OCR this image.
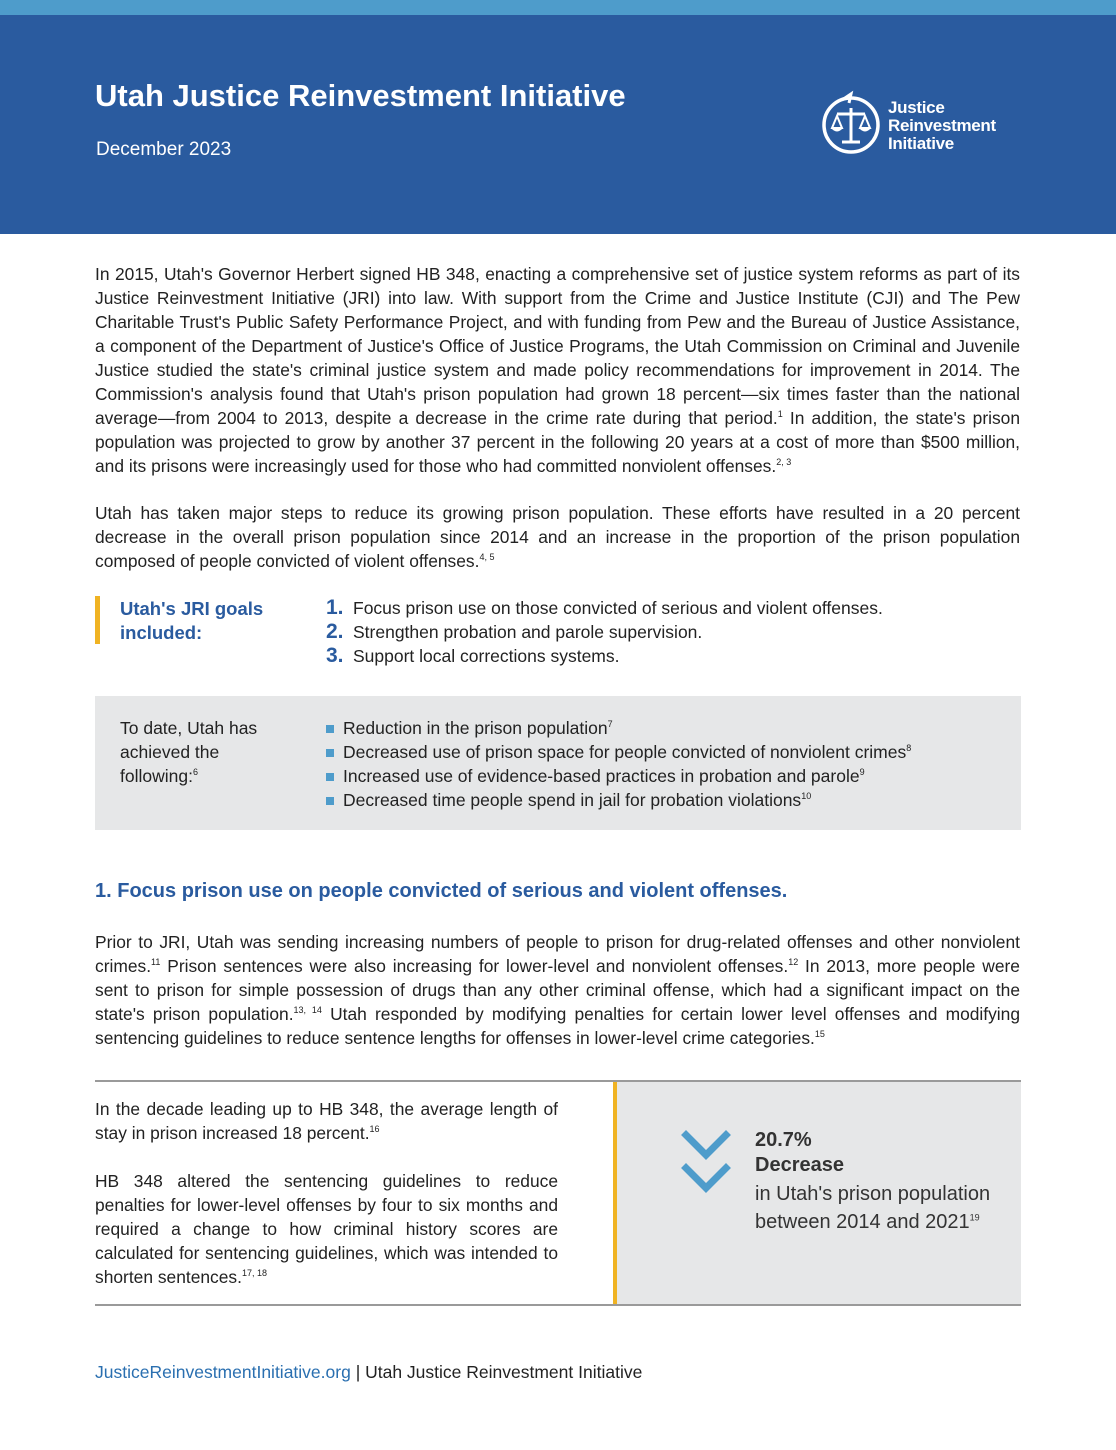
Utah Justice Reinvestment Initiative
December 2023
Justice
Reinvestment
Initiative

In 2015, Utah's Governor Herbert signed HB 348, enacting a comprehensive set of justice system reforms as part of its Justice Reinvestment Initiative (JRI) into law. With support from the Crime and Justice Institute (CJI) and The Pew Charitable Trust's Public Safety Performance Project, and with funding from Pew and the Bureau of Justice Assistance, a component of the Department of Justice's Office of Justice Programs, the Utah Commission on Criminal and Juvenile Justice studied the state's criminal justice system and made policy recommendations for improvement in 2014. The Commission's analysis found that Utah's prison population had grown 18 percent—six times faster than the national average—from 2004 to 2013, despite a decrease in the crime rate during that period.$^1$ In addition, the state's prison population was projected to grow by another 37 percent in the following 20 years at a cost of more than $500 million, and its prisons were increasingly used for those who had committed nonviolent offenses.$^{2, 3}$

Utah has taken major steps to reduce its growing prison population. These efforts have resulted in a 20 percent decrease in the overall prison population since 2014 and an increase in the proportion of the prison population composed of people convicted of violent offenses.$^{4, 5}$

Utah's JRI goals included:
1. Focus prison use on those convicted of serious and violent offenses.
2. Strengthen probation and parole supervision.
3. Support local corrections systems.
To date, Utah has achieved the following:$^6$
Reduction in the prison population$^7$
Decreased use of prison space for people convicted of nonviolent crimes$^8$
Increased use of evidence-based practices in probation and parole$^9$
Decreased time people spend in jail for probation violations$^{10}$
1. Focus prison use on people convicted of serious and violent offenses.

Prior to JRI, Utah was sending increasing numbers of people to prison for drug-related offenses and other nonviolent crimes.$^{11}$ Prison sentences were also increasing for lower-level and nonviolent offenses.$^{12}$ In 2013, more people were sent to prison for simple possession of drugs than any other criminal offense, which had a significant impact on the state's prison population.$^{13, 14}$ Utah responded by modifying penalties for certain lower level offenses and modifying sentencing guidelines to reduce sentence lengths for offenses in lower-level crime categories.$^{15}$

In the decade leading up to HB 348, the average length of stay in prison increased 18 percent.$^{16}$

HB 348 altered the sentencing guidelines to reduce penalties for lower-level offenses by four to six months and required a change to how criminal history scores are calculated for sentencing guidelines, which was intended to shorten sentences.$^{17, 18}$

20.7%
Decrease
in Utah's prison population between 2014 and 2021$^{19}$
JusticeReinvestmentInitiative.org | Utah Justice Reinvestment Initiative
